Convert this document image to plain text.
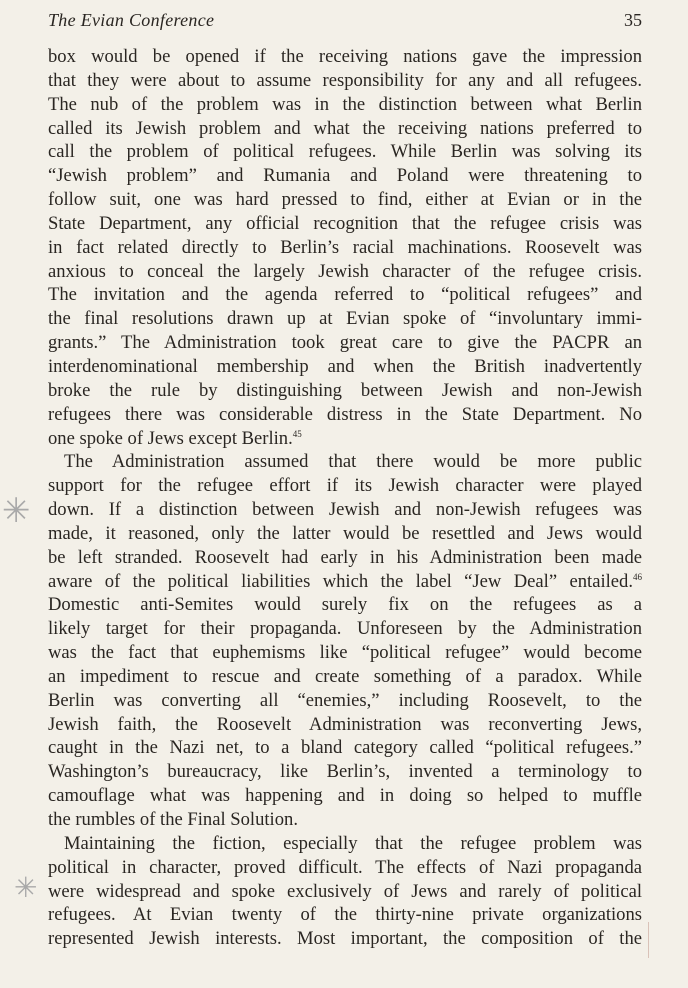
The Evian Conference	35
✳
✳
box would be opened if the receiving nations gave the impression
that they were about to assume responsibility for any and all refugees.
The nub of the problem was in the distinction between what Berlin
called its Jewish problem and what the receiving nations preferred to
call the problem of political refugees. While Berlin was solving its
“Jewish problem” and Rumania and Poland were threatening to
follow suit, one was hard pressed to find, either at Evian or in the
State Department, any official recognition that the refugee crisis was
in fact related directly to Berlin’s racial machinations. Roosevelt was
anxious to conceal the largely Jewish character of the refugee crisis.
The invitation and the agenda referred to “political refugees” and
the final resolutions drawn up at Evian spoke of “involuntary immi-
grants.” The Administration took great care to give the PACPR an
interdenominational membership and when the British inadvertently
broke the rule by distinguishing between Jewish and non-Jewish
refugees there was considerable distress in the State Department. No
one spoke of Jews except Berlin.$^{45}$
The Administration assumed that there would be more public
support for the refugee effort if its Jewish character were played
down. If a distinction between Jewish and non-Jewish refugees was
made, it reasoned, only the latter would be resettled and Jews would
be left stranded. Roosevelt had early in his Administration been made
aware of the political liabilities which the label “Jew Deal” entailed.$^{46}$
Domestic anti-Semites would surely fix on the refugees as a
likely target for their propaganda. Unforeseen by the Administration
was the fact that euphemisms like “political refugee” would become
an impediment to rescue and create something of a paradox. While
Berlin was converting all “enemies,” including Roosevelt, to the
Jewish faith, the Roosevelt Administration was reconverting Jews,
caught in the Nazi net, to a bland category called “political refugees.”
Washington’s bureaucracy, like Berlin’s, invented a terminology to
camouflage what was happening and in doing so helped to muffle
the rumbles of the Final Solution.
Maintaining the fiction, especially that the refugee problem was
political in character, proved difficult. The effects of Nazi propaganda
were widespread and spoke exclusively of Jews and rarely of political
refugees. At Evian twenty of the thirty-nine private organizations
represented Jewish interests. Most important, the composition of the
